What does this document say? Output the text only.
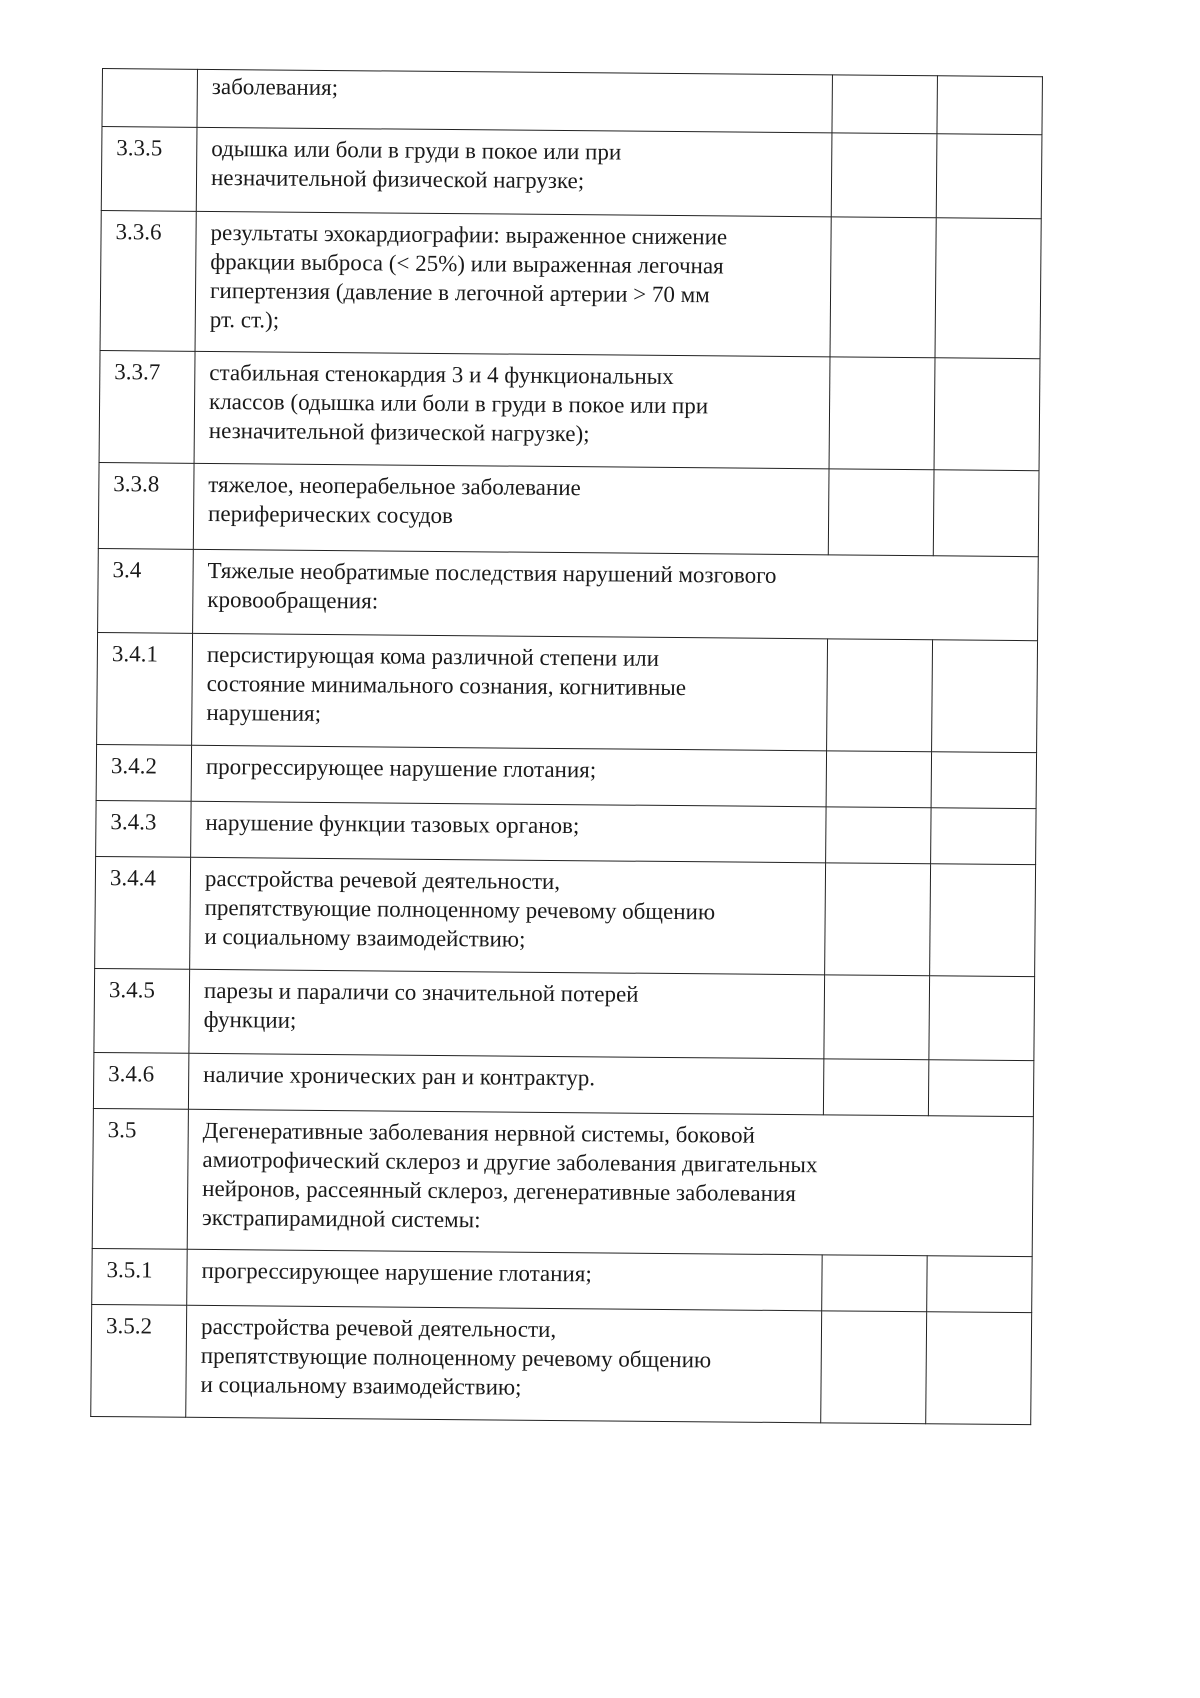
	заболевания;		
3.3.5	одышка или боли в груди в покое или при
незначительной физической нагрузке;		
3.3.6	результаты эхокардиографии: выраженное снижение
фракции выброса (< 25%) или выраженная легочная
гипертензия (давление в легочной артерии > 70 мм
рт. ст.);		
3.3.7	стабильная стенокардия 3 и 4 функциональных
классов (одышка или боли в груди в покое или при
незначительной физической нагрузке);		
3.3.8	тяжелое, неоперабельное заболевание
периферических сосудов		
3.4	Тяжелые необратимые последствия нарушений мозгового
кровообращения:		
3.4.1	персистирующая кома различной степени или
состояние минимального сознания, когнитивные
нарушения;		
3.4.2	прогрессирующее нарушение глотания;		
3.4.3	нарушение функции тазовых органов;		
3.4.4	расстройства речевой деятельности,
препятствующие полноценному речевому общению
и социальному взаимодействию;		
3.4.5	парезы и параличи со значительной потерей
функции;		
3.4.6	наличие хронических ран и контрактур.		
3.5	Дегенеративные заболевания нервной системы, боковой
амиотрофический склероз и другие заболевания двигательных
нейронов, рассеянный склероз, дегенеративные заболевания
экстрапирамидной системы:		
3.5.1	прогрессирующее нарушение глотания;		
3.5.2	расстройства речевой деятельности,
препятствующие полноценному речевому общению
и социальному взаимодействию;		
